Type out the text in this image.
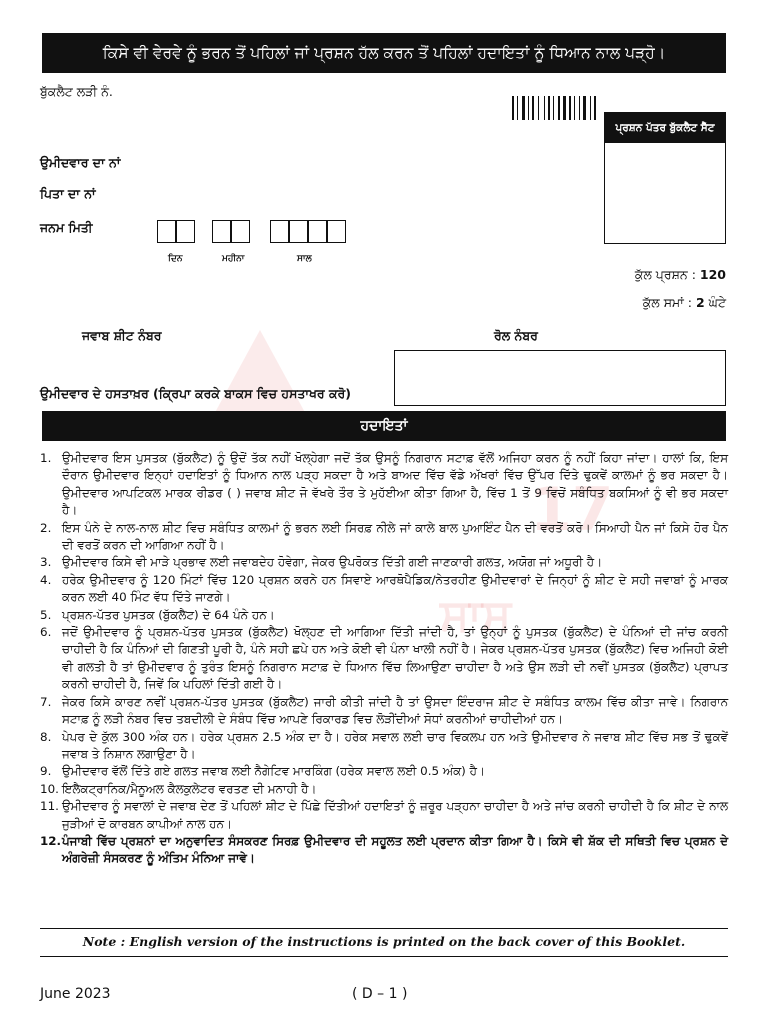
17
ਸਾਸ
ਕਿਸੇ ਵੀ ਵੇਰਵੇ ਨੂੰ ਭਰਨ ਤੋਂ ਪਹਿਲਾਂ ਜਾਂ ਪ੍ਰਸ਼ਨ ਹੱਲ ਕਰਨ ਤੋਂ ਪਹਿਲਾਂ ਹਦਾਇਤਾਂ ਨੂੰ ਧਿਆਨ ਨਾਲ ਪੜ੍ਹੋ।
ਬੁੱਕਲੈਟ ਲੜੀ ਨੰ.
ਪ੍ਰਸ਼ਨ ਪੱਤਰ ਬੁੱਕਲੈਟ ਸੈੱਟ
ਉਮੀਦਵਾਰ ਦਾ ਨਾਂ
ਪਿਤਾ ਦਾ ਨਾਂ
ਜਨਮ ਮਿਤੀ
ਦਿਨ	ਮਹੀਨਾ	ਸਾਲ
ਕੁੱਲ ਪ੍ਰਸ਼ਨ : 120
ਕੁੱਲ ਸਮਾਂ : 2 ਘੰਟੇ
ਜਵਾਬ ਸ਼ੀਟ ਨੰਬਰ	ਰੋਲ ਨੰਬਰ
ਉਮੀਦਵਾਰ ਦੇ ਹਸਤਾਖ਼ਰ (ਕ੍ਰਿਪਾ ਕਰਕੇ ਬਾਕਸ ਵਿਚ ਹਸਤਾਖਰ ਕਰੋ)
ਹਦਾਇਤਾਂ
1. ਉਮੀਦਵਾਰ ਇਸ ਪੁਸਤਕ (ਬੁੱਕਲੈਟ) ਨੂੰ ਉਦੋਂ ਤੱਕ ਨਹੀਂ ਖੋਲ੍ਹੇਗਾ ਜਦੋਂ ਤੱਕ ਉਸਨੂੰ ਨਿਗਰਾਨ ਸਟਾਫ਼ ਵੱਲੋਂ ਅਜਿਹਾ ਕਰਨ ਨੂੰ ਨਹੀਂ ਕਿਹਾ ਜਾਂਦਾ। ਹਾਲਾਂ ਕਿ, ਇਸ ਦੌਰਾਨ ਉਮੀਦਵਾਰ ਇਨ੍ਹਾਂ ਹਦਾਇਤਾਂ ਨੂੰ ਧਿਆਨ ਨਾਲ ਪੜ੍ਹ ਸਕਦਾ ਹੈ ਅਤੇ ਬਾਅਦ ਵਿੱਚ ਵੱਡੇ ਅੱਖਰਾਂ ਵਿੱਚ ਉੱਪਰ ਦਿੱਤੇ ਢੁਕਵੇਂ ਕਾਲਮਾਂ ਨੂੰ ਭਰ ਸਕਦਾ ਹੈ। ਉਮੀਦਵਾਰ ਆਪਟਿਕਲ ਮਾਰਕ ਰੀਡਰ ( ) ਜਵਾਬ ਸ਼ੀਟ ਜੋ ਵੱਖਰੇ ਤੌਰ ਤੇ ਮੁਹੱਈਆ ਕੀਤਾ ਗਿਆ ਹੈ, ਵਿੱਚ 1 ਤੋਂ 9 ਵਿਚੋਂ ਸਬੰਧਿਤ ਬਕਸਿਆਂ ਨੂੰ ਵੀ ਭਰ ਸਕਦਾ ਹੈ।
2. ਇਸ ਪੰਨੇ ਦੇ ਨਾਲ-ਨਾਲ ਸ਼ੀਟ ਵਿਚ ਸਬੰਧਿਤ ਕਾਲਮਾਂ ਨੂੰ ਭਰਨ ਲਈ ਸਿਰਫ਼ ਨੀਲੇ ਜਾਂ ਕਾਲੇ ਬਾਲ ਪੁਆਇੰਟ ਪੈਨ ਦੀ ਵਰਤੋਂ ਕਰੋ। ਸਿਆਹੀ ਪੈਨ ਜਾਂ ਕਿਸੇ ਹੋਰ ਪੈਨ ਦੀ ਵਰਤੋਂ ਕਰਨ ਦੀ ਆਗਿਆ ਨਹੀਂ ਹੈ।
3. ਉਮੀਦਵਾਰ ਕਿਸੇ ਵੀ ਮਾੜੇ ਪ੍ਰਭਾਵ ਲਈ ਜਵਾਬਦੇਹ ਹੋਵੇਗਾ, ਜੇਕਰ ਉਪਰੋਕਤ ਦਿੱਤੀ ਗਈ ਜਾਣਕਾਰੀ ਗਲਤ, ਅਯੋਗ ਜਾਂ ਅਧੂਰੀ ਹੈ।
4. ਹਰੇਕ ਉਮੀਦਵਾਰ ਨੂੰ 120 ਮਿੰਟਾਂ ਵਿੱਚ 120 ਪ੍ਰਸ਼ਨ ਕਰਨੇ ਹਨ ਸਿਵਾਏ ਆਰਥੋਪੈਡਿਕ/ਨੇਤਰਹੀਣ ਉਮੀਦਵਾਰਾਂ ਦੇ ਜਿਨ੍ਹਾਂ ਨੂੰ ਸ਼ੀਟ ਦੇ ਸਹੀ ਜਵਾਬਾਂ ਨੂੰ ਮਾਰਕ ਕਰਨ ਲਈ 40 ਮਿੰਟ ਵੱਧ ਦਿੱਤੇ ਜਾਣਗੇ।
5. ਪ੍ਰਸ਼ਨ-ਪੱਤਰ ਪੁਸਤਕ (ਬੁੱਕਲੈਟ) ਦੇ 64 ਪੰਨੇ ਹਨ।
6. ਜਦੋਂ ਉਮੀਦਵਾਰ ਨੂੰ ਪ੍ਰਸ਼ਨ-ਪੱਤਰ ਪੁਸਤਕ (ਬੁੱਕਲੈਟ) ਖੋਲ੍ਹਣ ਦੀ ਆਗਿਆ ਦਿੱਤੀ ਜਾਂਦੀ ਹੈ, ਤਾਂ ਉਨ੍ਹਾਂ ਨੂੰ ਪੁਸਤਕ (ਬੁੱਕਲੈਟ) ਦੇ ਪੰਨਿਆਂ ਦੀ ਜਾਂਚ ਕਰਨੀ ਚਾਹੀਦੀ ਹੈ ਕਿ ਪੰਨਿਆਂ ਦੀ ਗਿਣਤੀ ਪੂਰੀ ਹੈ, ਪੰਨੇ ਸਹੀ ਛਪੇ ਹਨ ਅਤੇ ਕੋਈ ਵੀ ਪੰਨਾ ਖਾਲੀ ਨਹੀਂ ਹੈ। ਜੇਕਰ ਪ੍ਰਸ਼ਨ-ਪੱਤਰ ਪੁਸਤਕ (ਬੁੱਕਲੈਟ) ਵਿਚ ਅਜਿਹੀ ਕੋਈ ਵੀ ਗਲਤੀ ਹੈ ਤਾਂ ਉਮੀਦਵਾਰ ਨੂੰ ਤੁਰੰਤ ਇਸਨੂੰ ਨਿਗਰਾਨ ਸਟਾਫ਼ ਦੇ ਧਿਆਨ ਵਿੱਚ ਲਿਆਉਣਾ ਚਾਹੀਦਾ ਹੈ ਅਤੇ ਉਸ ਲੜੀ ਦੀ ਨਵੀਂ ਪੁਸਤਕ (ਬੁੱਕਲੈਟ) ਪ੍ਰਾਪਤ ਕਰਨੀ ਚਾਹੀਦੀ ਹੈ, ਜਿਵੇਂ ਕਿ ਪਹਿਲਾਂ ਦਿੱਤੀ ਗਈ ਹੈ।
7. ਜੇਕਰ ਕਿਸੇ ਕਾਰਣ ਨਵੀਂ ਪ੍ਰਸ਼ਨ-ਪੱਤਰ ਪੁਸਤਕ (ਬੁੱਕਲੈਟ) ਜਾਰੀ ਕੀਤੀ ਜਾਂਦੀ ਹੈ ਤਾਂ ਉਸਦਾ ਇੰਦਰਾਜ ਸ਼ੀਟ ਦੇ ਸਬੰਧਿਤ ਕਾਲਮ ਵਿੱਚ ਕੀਤਾ ਜਾਵੇ। ਨਿਗਰਾਨ ਸਟਾਫ਼ ਨੂੰ ਲੜੀ ਨੰਬਰ ਵਿਚ ਤਬਦੀਲੀ ਦੇ ਸੰਬੰਧ ਵਿੱਚ ਆਪਣੇ ਰਿਕਾਰਡ ਵਿਚ ਲੋੜੀਂਦੀਆਂ ਸੋਧਾਂ ਕਰਨੀਆਂ ਚਾਹੀਦੀਆਂ ਹਨ।
8. ਪੇਪਰ ਦੇ ਕੁੱਲ 300 ਅੰਕ ਹਨ। ਹਰੇਕ ਪ੍ਰਸ਼ਨ 2.5 ਅੰਕ ਦਾ ਹੈ। ਹਰੇਕ ਸਵਾਲ ਲਈ ਚਾਰ ਵਿਕਲਪ ਹਨ ਅਤੇ ਉਮੀਦਵਾਰ ਨੇ ਜਵਾਬ ਸ਼ੀਟ ਵਿੱਚ ਸਭ ਤੋਂ ਢੁਕਵੇਂ ਜਵਾਬ ਤੇ ਨਿਸ਼ਾਨ ਲਗਾਉਣਾ ਹੈ।
9. ਉਮੀਦਵਾਰ ਵੱਲੋਂ ਦਿੱਤੇ ਗਏ ਗਲਤ ਜਵਾਬ ਲਈ ਨੈਗੇਟਿਵ ਮਾਰਕਿੰਗ (ਹਰੇਕ ਸਵਾਲ ਲਈ 0.5 ਅੰਕ) ਹੈ।
10. ਇਲੈਕਟ੍ਰਾਨਿਕ/ਮੈਨੂਅਲ ਕੈਲਕੁਲੇਟਰ ਵਰਤਣ ਦੀ ਮਨਾਹੀ ਹੈ।
11. ਉਮੀਦਵਾਰ ਨੂੰ ਸਵਾਲਾਂ ਦੇ ਜਵਾਬ ਦੇਣ ਤੋਂ ਪਹਿਲਾਂ ਸ਼ੀਟ ਦੇ ਪਿੱਛੇ ਦਿੱਤੀਆਂ ਹਦਾਇਤਾਂ ਨੂੰ ਜ਼ਰੂਰ ਪੜ੍ਹਨਾ ਚਾਹੀਦਾ ਹੈ ਅਤੇ ਜਾਂਚ ਕਰਨੀ ਚਾਹੀਦੀ ਹੈ ਕਿ ਸ਼ੀਟ ਦੇ ਨਾਲ ਜੁੜੀਆਂ ਦੋ ਕਾਰਬਨ ਕਾਪੀਆਂ ਨਾਲ ਹਨ।
12. ਪੰਜਾਬੀ ਵਿੱਚ ਪ੍ਰਸ਼ਨਾਂ ਦਾ ਅਨੁਵਾਦਿਤ ਸੰਸਕਰਣ ਸਿਰਫ਼ ਉਮੀਦਵਾਰ ਦੀ ਸਹੂਲਤ ਲਈ ਪ੍ਰਦਾਨ ਕੀਤਾ ਗਿਆ ਹੈ। ਕਿਸੇ ਵੀ ਸ਼ੱਕ ਦੀ ਸਥਿਤੀ ਵਿਚ ਪ੍ਰਸ਼ਨ ਦੇ ਅੰਗਰੇਜ਼ੀ ਸੰਸਕਰਣ ਨੂੰ ਅੰਤਿਮ ਮੰਨਿਆ ਜਾਵੇ।
Note : English version of the instructions is printed on the back cover of this Booklet.
June 2023	( D – 1 )
